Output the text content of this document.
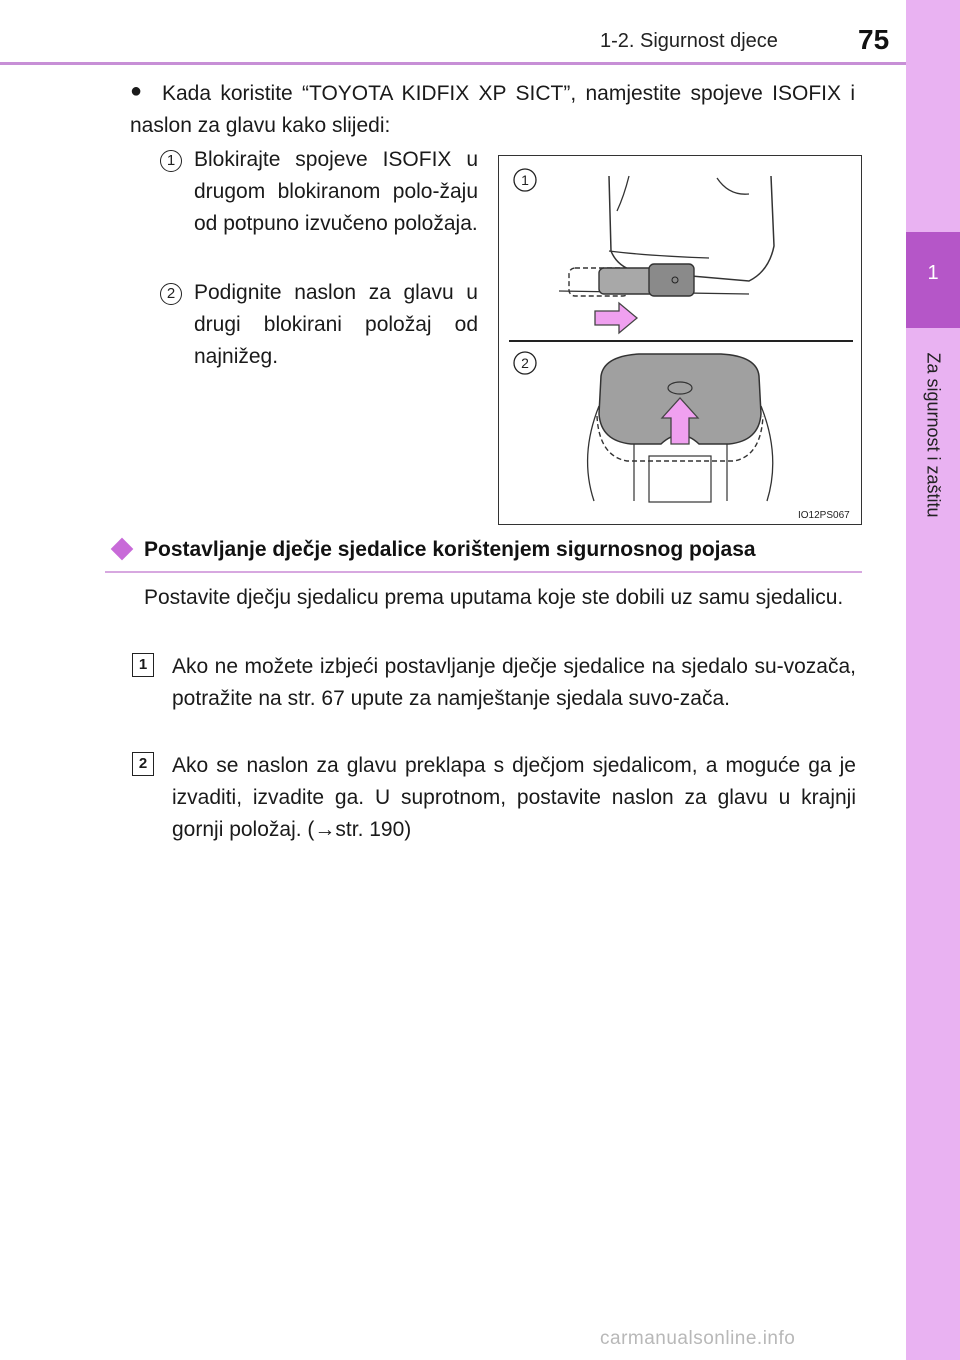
1-2. Sigurnost djece	75
1
Za sigurnost i zaštitu
● Kada koristite “TOYOTA KIDFIX XP SICT”, namjestite spojeve ISOFIX i naslon za glavu kako slijedi:
1 Blokirajte spojeve ISOFIX u drugom blokiranom polo-žaju od potpuno izvučeno položaja.
2 Podignite naslon za glavu u drugi blokirani položaj od najnižeg.
1
2
IO12PS067
Postavljanje dječje sjedalice korištenjem sigurnosnog pojasa
Postavite dječju sjedalicu prema uputama koje ste dobili uz samu sjedalicu.
1	Ako ne možete izbjeći postavljanje dječje sjedalice na sjedalo su-vozača, potražite na str. 67 upute za namještanje sjedala suvo-zača.
2	Ako se naslon za glavu preklapa s dječjom sjedalicom, a moguće ga je izvaditi, izvadite ga. U suprotnom, postavite naslon za glavu u krajnji gornji položaj. (→str. 190)
carmanualsonline.info
